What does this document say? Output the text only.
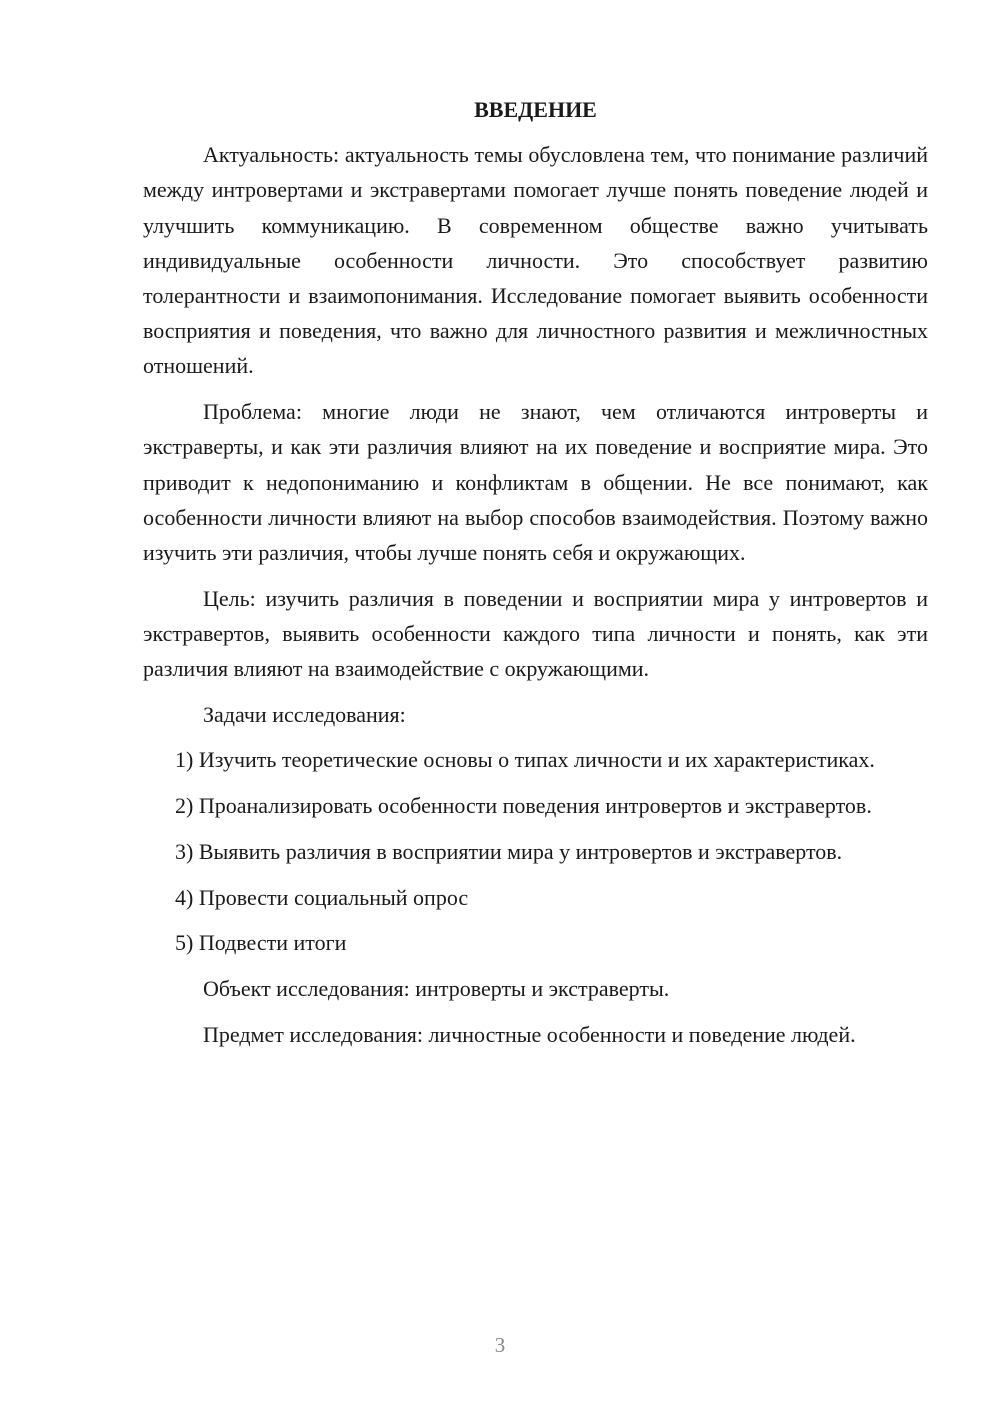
ВВЕДЕНИЕ

Актуальность: актуальность темы обусловлена тем, что понимание различий между интровертами и экстравертами помогает лучше понять поведение людей и улучшить коммуникацию. В современном обществе важно учитывать индивидуальные особенности личности. Это способствует развитию толерантности и взаимопонимания. Исследование помогает выявить особенности восприятия и поведения, что важно для личностного развития и межличностных отношений.

Проблема: многие люди не знают, чем отличаются интроверты и экстраверты, и как эти различия влияют на их поведение и восприятие мира. Это приводит к недопониманию и конфликтам в общении. Не все понимают, как особенности личности влияют на выбор способов взаимодействия. Поэтому важно изучить эти различия, чтобы лучше понять себя и окружающих.

Цель: изучить различия в поведении и восприятии мира у интровертов и экстравертов, выявить особенности каждого типа личности и понять, как эти различия влияют на взаимодействие с окружающими.

Задачи исследования:

1) Изучить теоретические основы о типах личности и их характеристиках.

2) Проанализировать особенности поведения интровертов и экстравертов.

3) Выявить различия в восприятии мира у интровертов и экстравертов.

4) Провести социальный опрос

5) Подвести итоги

Объект исследования: интроверты и экстраверты.

Предмет исследования: личностные особенности и поведение людей.

3
